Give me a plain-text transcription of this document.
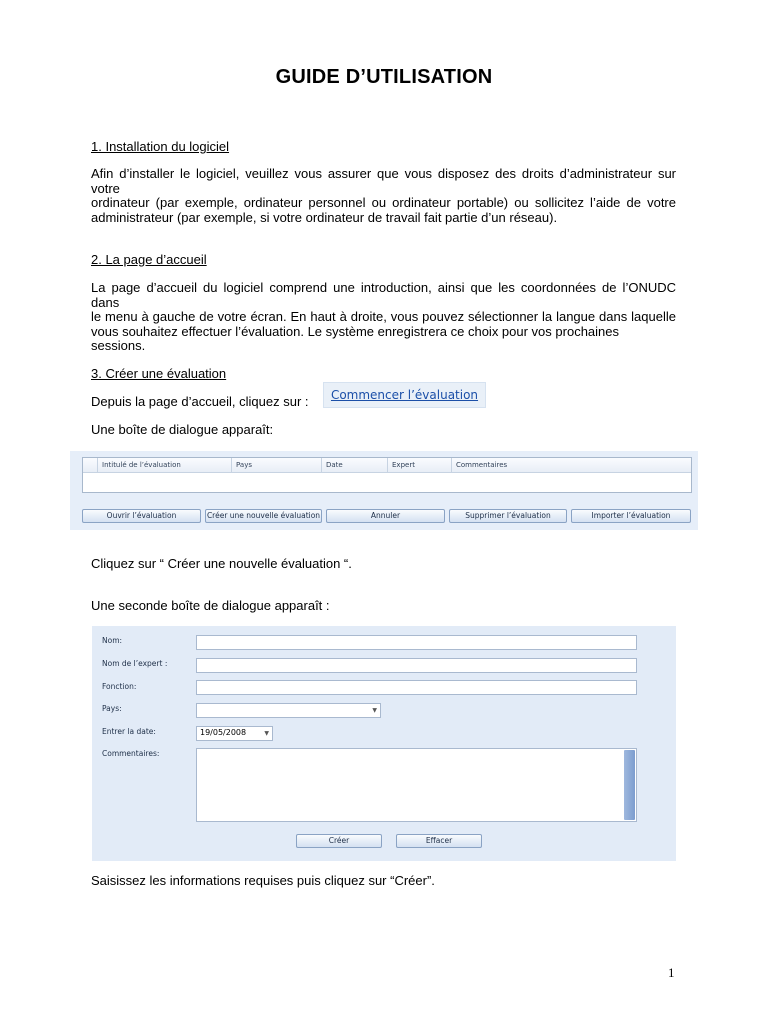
GUIDE D’UTILISATION
1. Installation du logiciel
Afin d’installer le logiciel, veuillez vous assurer que vous disposez des droits d’administrateur sur votre
ordinateur (par exemple, ordinateur personnel ou ordinateur portable) ou sollicitez l’aide de votre
administrateur (par exemple, si votre ordinateur de travail fait partie d’un réseau).
2. La page d’accueil
La page d’accueil du logiciel comprend une introduction, ainsi que les coordonnées de l’ONUDC dans
le menu à gauche de votre écran. En haut à droite, vous pouvez sélectionner la langue dans laquelle
vous souhaitez effectuer l’évaluation. Le système enregistrera ce choix pour vos prochaines sessions.
3. Créer une évaluation
Depuis la page d’accueil, cliquez sur :	Commencer l’évaluation
Une boîte de dialogue apparaît:
Intitulé de l’évaluation	Pays	Date	Expert	Commentaires
Ouvrir l’évaluation	Créer une nouvelle évaluation	Annuler	Supprimer l’évaluation	Importer l’évaluation
Cliquez sur “ Créer une nouvelle évaluation “.
Une seconde boîte de dialogue apparaît :
Nom:
Nom de l’expert :
Fonction:
Pays:	▼
Entrer la date:	19/05/2008	▼
Commentaires:
Créer	Effacer
Saisissez les informations requises puis cliquez sur “Créer”.
1
